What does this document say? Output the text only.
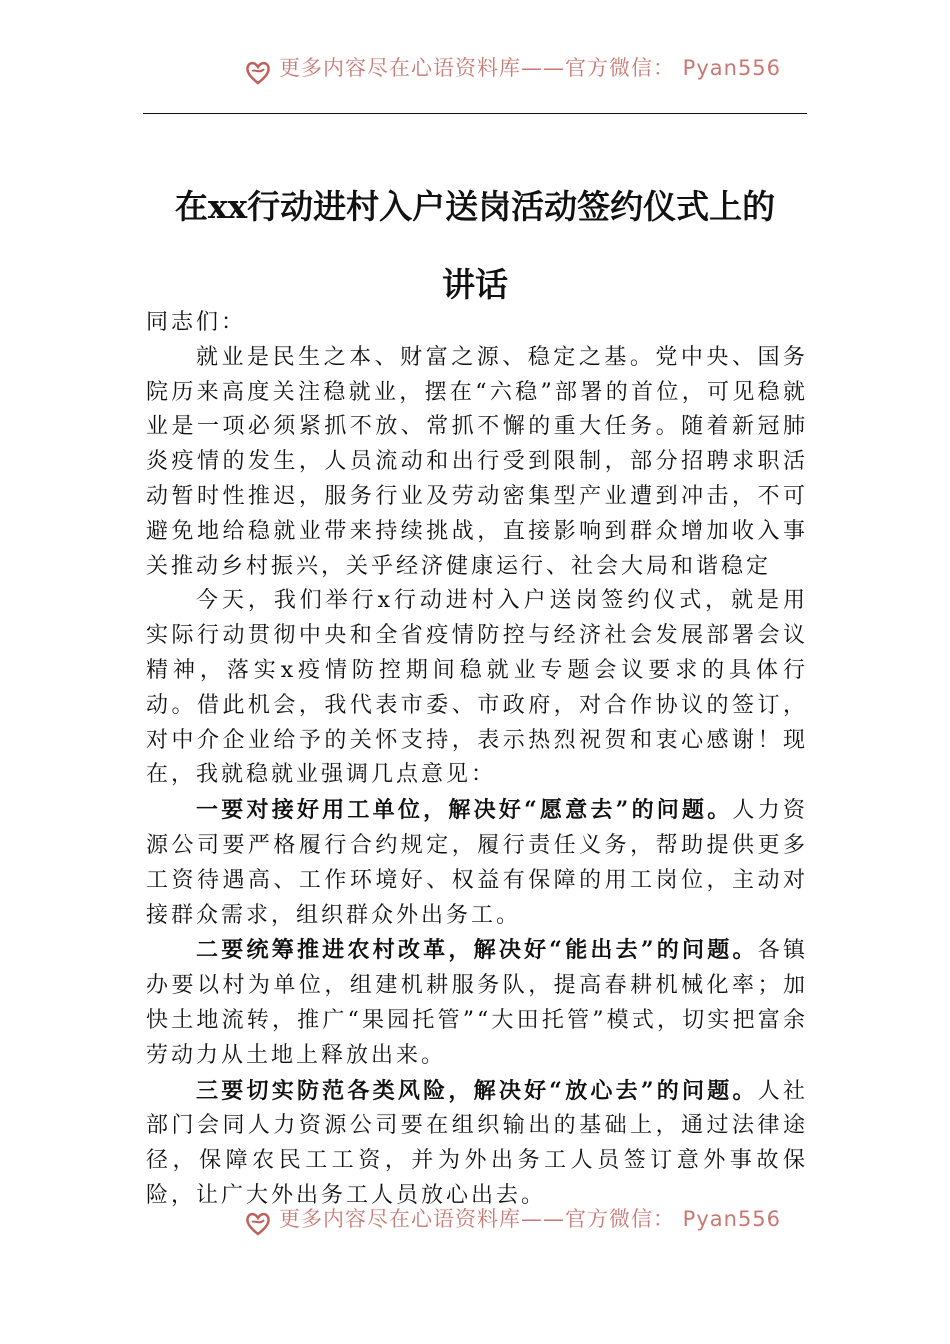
更多内容尽在心语资料库——官方微信： Pyan556
在xx行动进村入户送岗活动签约仪式上的
讲话

同志们：

就业是民生之本、财富之源、稳定之基。党中央、国务院历来高度关注稳就业，摆在“六稳”部署的首位，可见稳就业是一项必须紧抓不放、常抓不懈的重大任务。随着新冠肺炎疫情的发生，人员流动和出行受到限制，部分招聘求职活动暂时性推迟，服务行业及劳动密集型产业遭到冲击，不可避免地给稳就业带来持续挑战，直接影响到群众增加收入事关推动乡村振兴，关乎经济健康运行、社会大局和谐稳定

今天，我们举行x行动进村入户送岗签约仪式，就是用实际行动贯彻中央和全省疫情防控与经济社会发展部署会议精神，落实x疫情防控期间稳就业专题会议要求的具体行动。借此机会，我代表市委、市政府，对合作协议的签订，对中介企业给予的关怀支持，表示热烈祝贺和衷心感谢！现在，我就稳就业强调几点意见：

一要对接好用工单位，解决好“愿意去”的问题。人力资源公司要严格履行合约规定，履行责任义务，帮助提供更多工资待遇高、工作环境好、权益有保障的用工岗位，主动对接群众需求，组织群众外出务工。

二要统筹推进农村改革，解决好“能出去”的问题。各镇办要以村为单位，组建机耕服务队，提高春耕机械化率；加快土地流转，推广“果园托管”“大田托管”模式，切实把富余劳动力从土地上释放出来。

三要切实防范各类风险，解决好“放心去”的问题。人社部门会同人力资源公司要在组织输出的基础上，通过法律途径，保障农民工工资，并为外出务工人员签订意外事故保险，让广大外出务工人员放心出去。

更多内容尽在心语资料库——官方微信： Pyan556
